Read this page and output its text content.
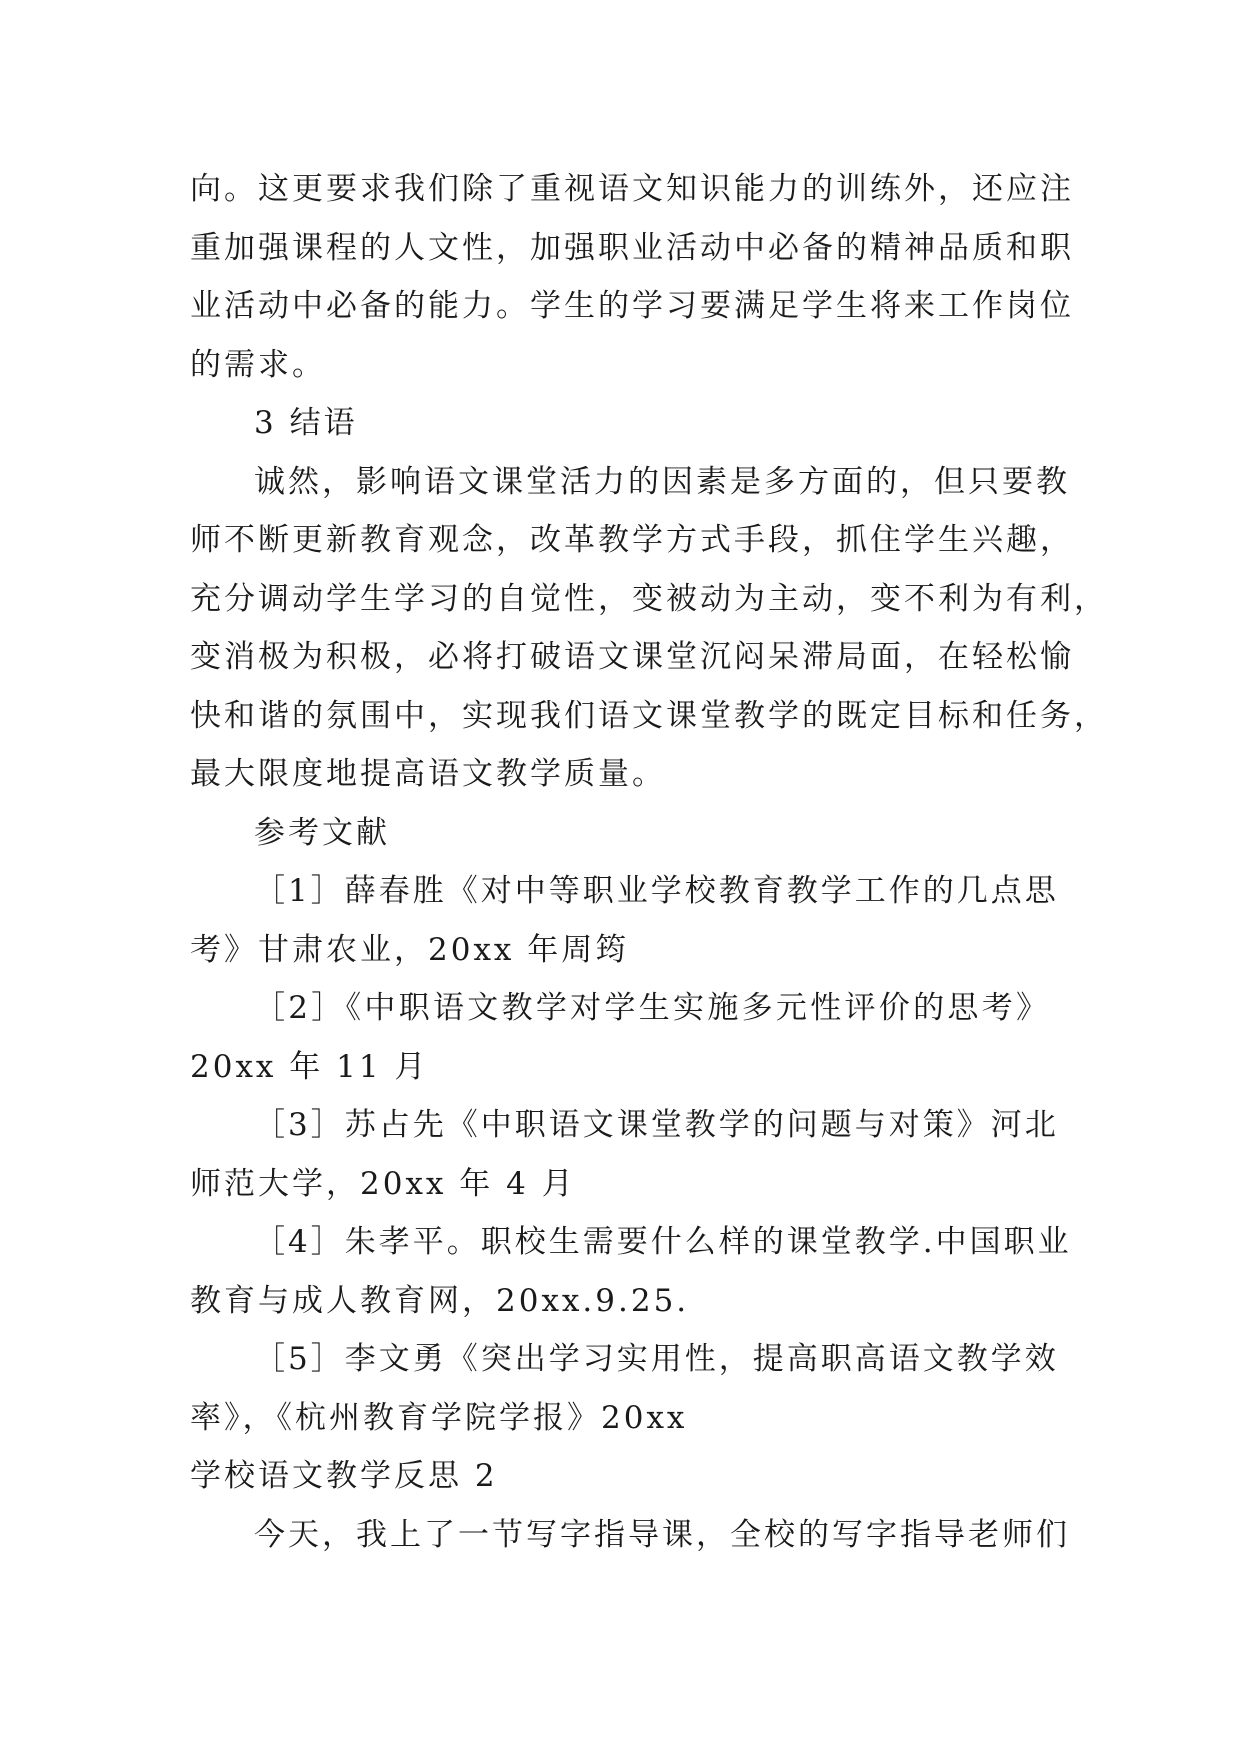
向。这更要求我们除了重视语文知识能力的训练外，还应注
重加强课程的人文性，加强职业活动中必备的精神品质和职
业活动中必备的能力。学生的学习要满足学生将来工作岗位
的需求。
3 结语
诚然，影响语文课堂活力的因素是多方面的，但只要教
师不断更新教育观念，改革教学方式手段，抓住学生兴趣，
充分调动学生学习的自觉性，变被动为主动，变不利为有利，
变消极为积极，必将打破语文课堂沉闷呆滞局面，在轻松愉
快和谐的氛围中，实现我们语文课堂教学的既定目标和任务，
最大限度地提高语文教学质量。
参考文献
［1］薛春胜《对中等职业学校教育教学工作的几点思
考》甘肃农业，20xx 年周筠
［2］《中职语文教学对学生实施多元性评价的思考》
20xx 年 11 月
［3］苏占先《中职语文课堂教学的问题与对策》河北
师范大学，20xx 年 4 月
［4］朱孝平。职校生需要什么样的课堂教学.中国职业
教育与成人教育网，20xx.9.25.
［5］李文勇《突出学习实用性，提高职高语文教学效
率》，《杭州教育学院学报》20xx
学校语文教学反思 2
今天，我上了一节写字指导课，全校的写字指导老师们
